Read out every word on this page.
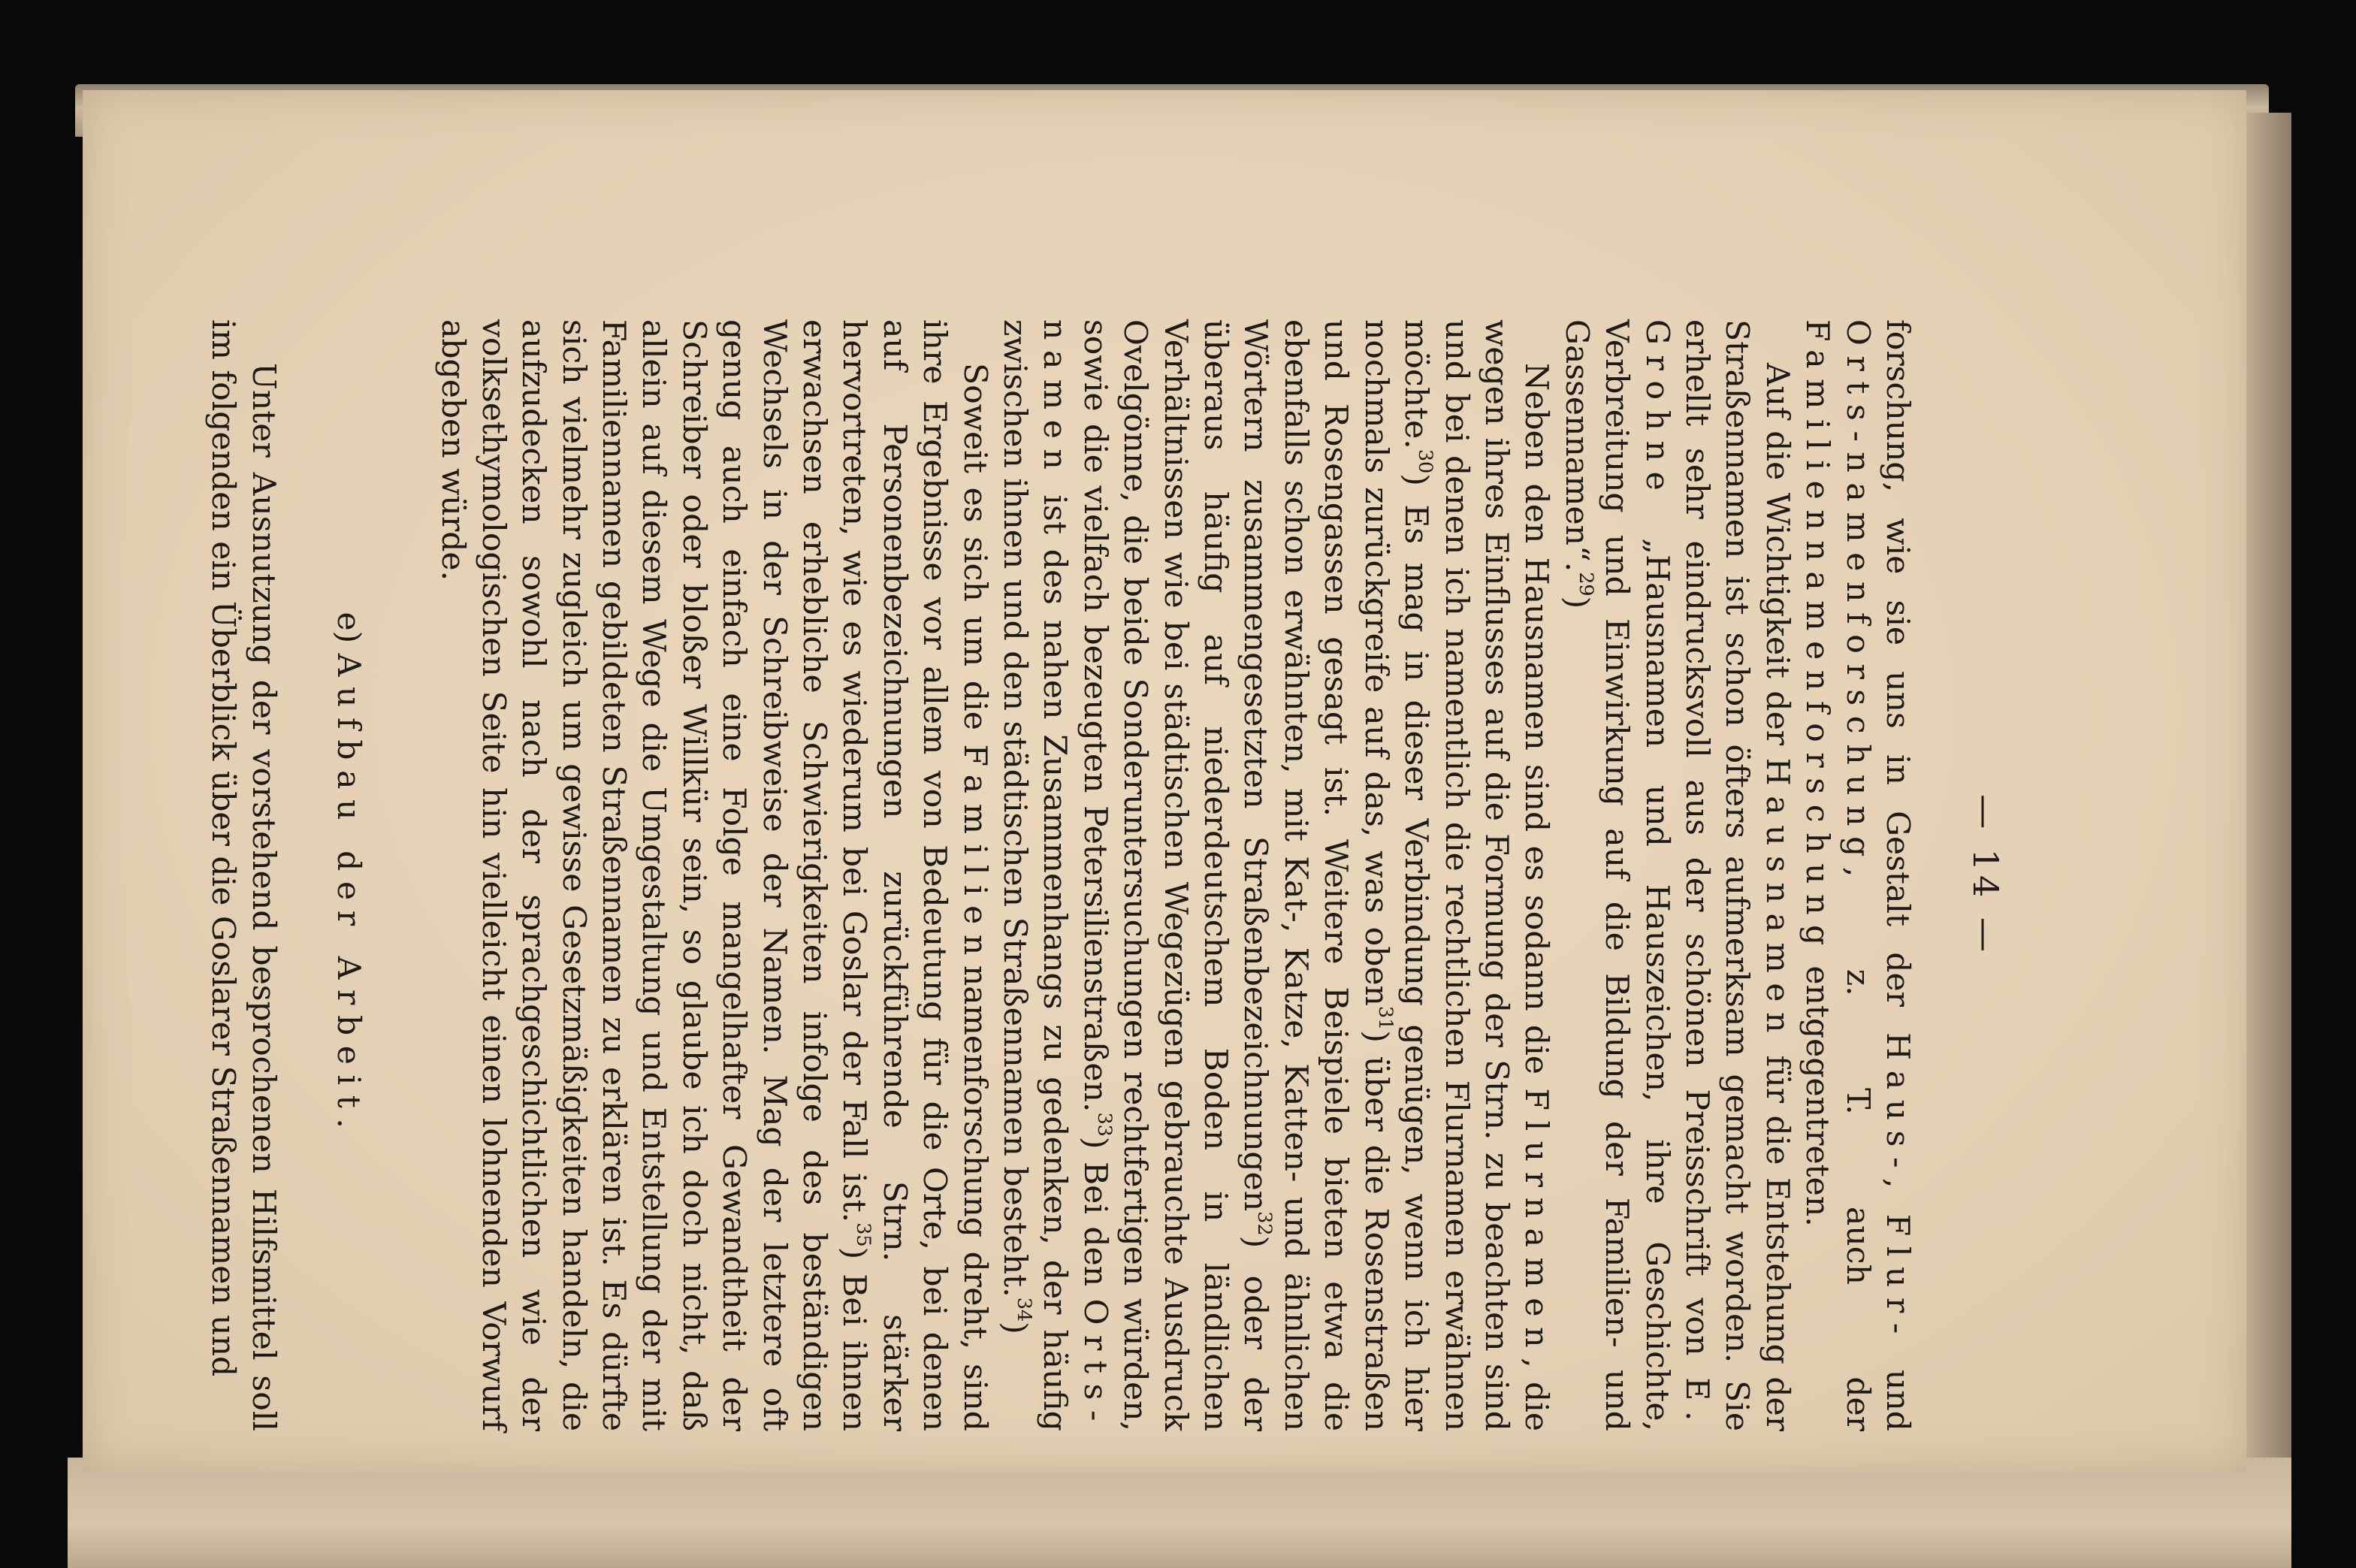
— 14 —

forschung, wie sie uns in Gestalt der Haus-, Flur- und Orts-namenforschung, z. T. auch der Familiennamenforschung entgegentreten.

Auf die Wichtigkeit der Hausnamen für die Entstehung der Straßennamen ist schon öfters aufmerksam gemacht worden. Sie erhellt sehr eindrucksvoll aus der schönen Preisschrift von E. Grohne „Hausnamen und Hauszeichen, ihre Geschichte, Verbreitung und Einwirkung auf die Bildung der Familien- und Gassennamen“.$^{29}$)

Neben den Hausnamen sind es sodann die Flurnamen, die wegen ihres Einflusses auf die Formung der Strn. zu beachten sind und bei denen ich namentlich die rechtlichen Flurnamen erwähnen möchte.$^{30}$) Es mag in dieser Verbindung genügen, wenn ich hier nochmals zurückgreife auf das, was oben$^{31}$) über die Rosenstraßen und Rosengassen gesagt ist. Weitere Beispiele bieten etwa die ebenfalls schon erwähnten, mit Kat-, Katze, Katten- und ähnlichen Wörtern zusammengesetzten Straßenbezeichnungen$^{32}$) oder der überaus häufig auf niederdeutschem Boden in ländlichen Verhältnissen wie bei städtischen Wegezügen gebrauchte Ausdruck Ovelgönne, die beide Sonderuntersuchungen rechtfertigen würden, sowie die vielfach bezeugten Petersilienstraßen.$^{33}$) Bei den Orts-namen ist des nahen Zusammenhangs zu gedenken, der häufig zwischen ihnen und den städtischen Straßennamen besteht.$^{34}$)

Soweit es sich um die Familiennamenforschung dreht, sind ihre Ergebnisse vor allem von Bedeutung für die Orte, bei denen auf Personenbezeichnungen zurückführende Strn. stärker hervortreten, wie es wiederum bei Goslar der Fall ist.$^{35}$) Bei ihnen erwachsen erhebliche Schwierigkeiten infolge des beständigen Wechsels in der Schreibweise der Namen. Mag der letztere oft genug auch einfach eine Folge mangelhafter Gewandtheit der Schreiber oder bloßer Willkür sein, so glaube ich doch nicht, daß allein auf diesem Wege die Umgestaltung und Entstellung der mit Familiennamen gebildeten Straßennamen zu erklären ist. Es dürfte sich vielmehr zugleich um gewisse Gesetzmäßigkeiten handeln, die aufzudecken sowohl nach der sprachgeschichtlichen wie der volksethymologischen Seite hin vielleicht einen lohnenden Vorwurf abgeben würde.

e) Aufbau der Arbeit.

Unter Ausnutzung der vorstehend besprochenen Hilfsmittel soll im folgenden ein Überblick über die Goslarer Straßennamen und
